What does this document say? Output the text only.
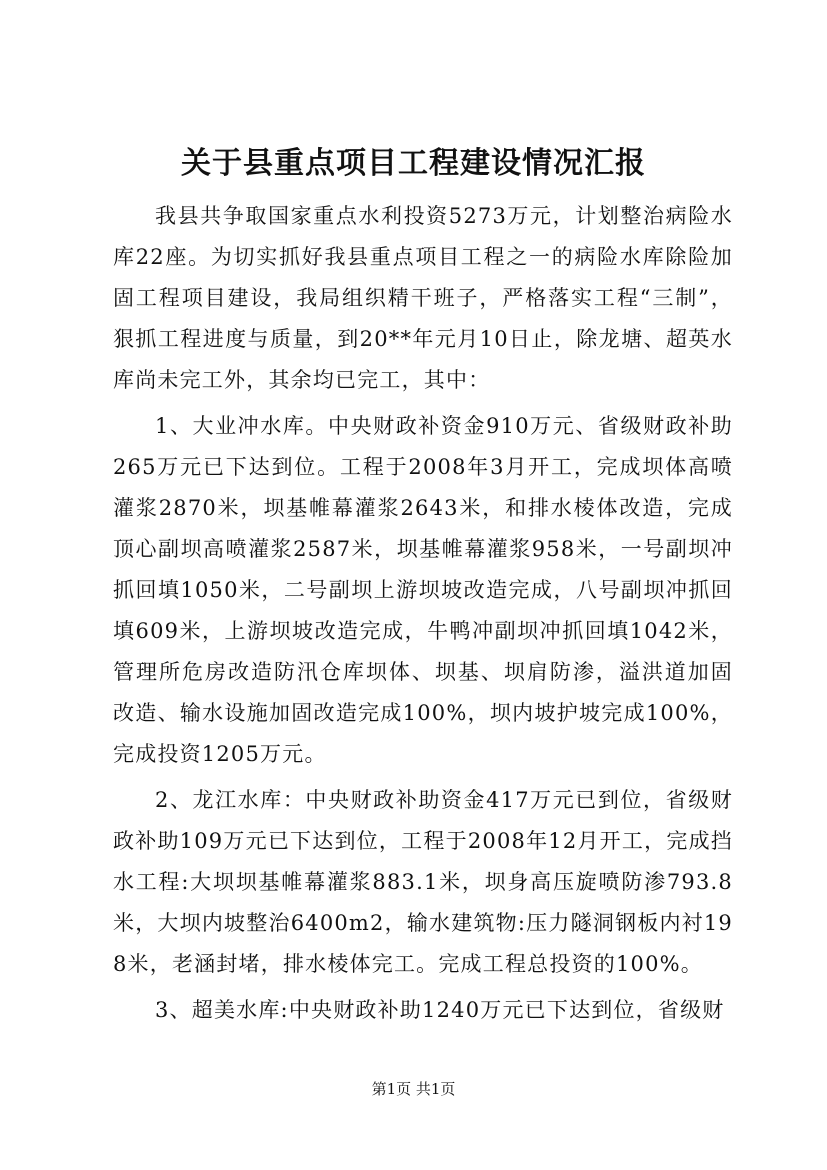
关于县重点项目工程建设情况汇报

我县共争取国家重点水利投资5273万元，计划整治病险水库22座。为切实抓好我县重点项目工程之一的病险水库除险加固工程项目建设，我局组织精干班子，严格落实工程“三制”，狠抓工程进度与质量，到20**年元月10日止，除龙塘、超英水库尚未完工外，其余均已完工，其中：

1、大业冲水库。中央财政补资金910万元、省级财政补助265万元已下达到位。工程于2008年3月开工，完成坝体高喷灌浆2870米，坝基帷幕灌浆2643米，和排水棱体改造，完成顶心副坝高喷灌浆2587米，坝基帷幕灌浆958米，一号副坝冲抓回填1050米，二号副坝上游坝坡改造完成，八号副坝冲抓回填609米，上游坝坡改造完成，牛鸭冲副坝冲抓回填1042米，管理所危房改造防汛仓库坝体、坝基、坝肩防渗，溢洪道加固改造、输水设施加固改造完成100%，坝内坡护坡完成100%，完成投资1205万元。

2、龙江水库：中央财政补助资金417万元已到位，省级财政补助109万元已下达到位，工程于2008年12月开工，完成挡水工程:大坝坝基帷幕灌浆883.1米，坝身高压旋喷防渗793.8米，大坝内坡整治6400m2，输水建筑物:压力隧洞钢板内衬198米，老涵封堵，排水棱体完工。完成工程总投资的100%。

3、超美水库:中央财政补助1240万元已下达到位，省级财

第1页 共1页
